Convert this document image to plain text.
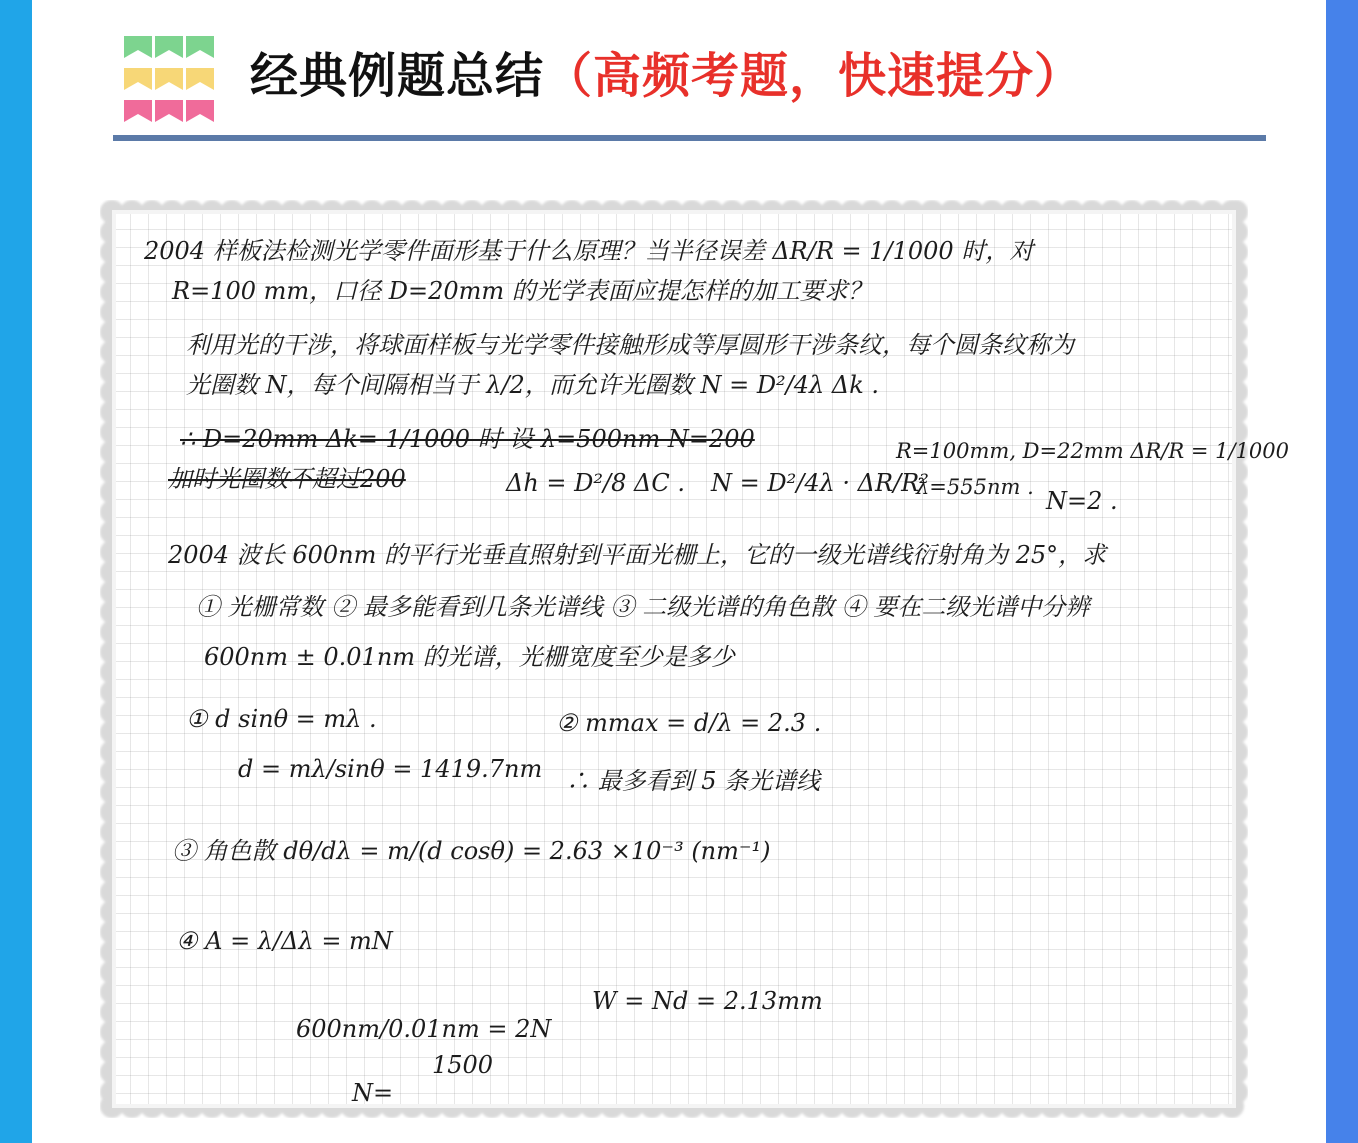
经典例题总结（高频考题，快速提分）

2004 样板法检测光学零件面形基于什么原理？当半径误差 ΔR/R = 1/1000 时，对

R=100 mm，口径 D=20mm 的光学表面应提怎样的加工要求？

利用光的干涉，将球面样板与光学零件接触形成等厚圆形干涉条纹，每个圆条纹称为

光圈数 N，每个间隔相当于 λ/2，而允许光圈数 N = D²/4λ Δk .

∴ D=20mm Δk= 1/1000 时 设 λ=500nm N=200

加时光圈数不超过200	Δh = D²/8 ΔC . N = D²/4λ · ΔR/R²

R=100mm, D=22mm ΔR/R = 1/1000

λ=555nm . N=2 .

2004 波长 600nm 的平行光垂直照射到平面光栅上，它的一级光谱线衍射角为 25°，求

① 光栅常数 ② 最多能看到几条光谱线 ③ 二级光谱的角色散 ④ 要在二级光谱中分辨

600nm ± 0.01nm 的光谱，光栅宽度至少是多少

① d sinθ = mλ .

d = mλ/sinθ = 1419.7nm

② mmax = d/λ = 2.3 .

∴ 最多看到 5 条光谱线

③ 角色散 dθ/dλ = m/(d cosθ) = 2.63 ×10⁻³ (nm⁻¹)

④ A = λ/Δλ = mN

600nm/0.01nm = 2N

1500

W = Nd = 2.13mm

N=
